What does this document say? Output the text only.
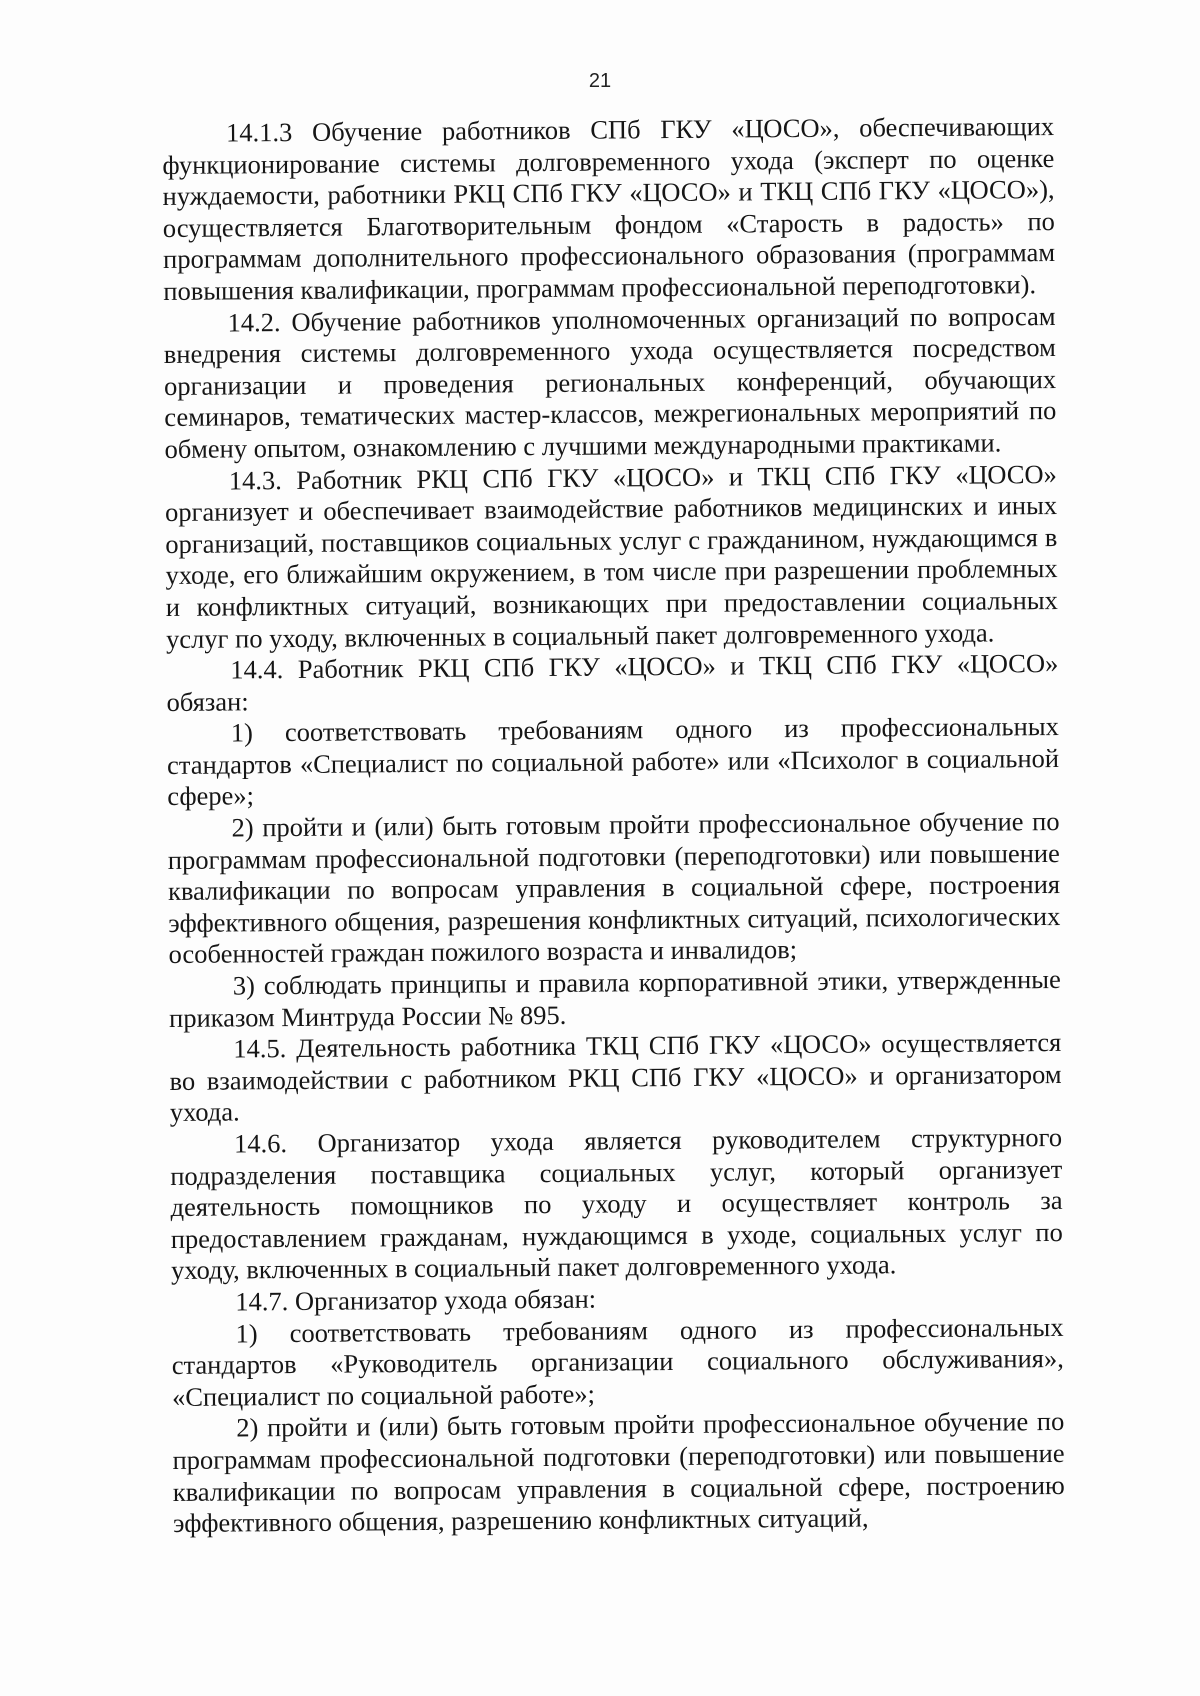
21

14.1.3 Обучение работников СПб ГКУ «ЦОСО», обеспечивающих функционирование системы долговременного ухода (эксперт по оценке нуждаемости, работники РКЦ СПб ГКУ «ЦОСО» и ТКЦ СПб ГКУ «ЦОСО»), осуществляется Благотворительным фондом «Старость в радость» по программам дополнительного профессионального образования (программам повышения квалификации, программам профессиональной переподготовки).

14.2. Обучение работников уполномоченных организаций по вопросам внедрения системы долговременного ухода осуществляется посредством организации и проведения региональных конференций, обучающих семинаров, тематических мастер-классов, межрегиональных мероприятий по обмену опытом, ознакомлению с лучшими международными практиками.

14.3. Работник РКЦ СПб ГКУ «ЦОСО» и ТКЦ СПб ГКУ «ЦОСО» организует и обеспечивает взаимодействие работников медицинских и иных организаций, поставщиков социальных услуг с гражданином, нуждающимся в уходе, его ближайшим окружением, в том числе при разрешении проблемных и конфликтных ситуаций, возникающих при предоставлении социальных услуг по уходу, включенных в социальный пакет долговременного ухода.

14.4. Работник РКЦ СПб ГКУ «ЦОСО» и ТКЦ СПб ГКУ «ЦОСО» обязан:

1) соответствовать требованиям одного из профессиональных стандартов «Специалист по социальной работе» или «Психолог в социальной сфере»;

2) пройти и (или) быть готовым пройти профессиональное обучение по программам профессиональной подготовки (переподготовки) или повышение квалификации по вопросам управления в социальной сфере, построения эффективного общения, разрешения конфликтных ситуаций, психологических особенностей граждан пожилого возраста и инвалидов;

3) соблюдать принципы и правила корпоративной этики, утвержденные приказом Минтруда России № 895.

14.5. Деятельность работника ТКЦ СПб ГКУ «ЦОСО» осуществляется во взаимодействии с работником РКЦ СПб ГКУ «ЦОСО» и организатором ухода.

14.6. Организатор ухода является руководителем структурного подразделения поставщика социальных услуг, который организует деятельность помощников по уходу и осуществляет контроль за предоставлением гражданам, нуждающимся в уходе, социальных услуг по уходу, включенных в социальный пакет долговременного ухода.

14.7. Организатор ухода обязан:

1) соответствовать требованиям одного из профессиональных стандартов «Руководитель организации социального обслуживания», «Специалист по социальной работе»;

2) пройти и (или) быть готовым пройти профессиональное обучение по программам профессиональной подготовки (переподготовки) или повышение квалификации по вопросам управления в социальной сфере, построению эффективного общения, разрешению конфликтных ситуаций,
